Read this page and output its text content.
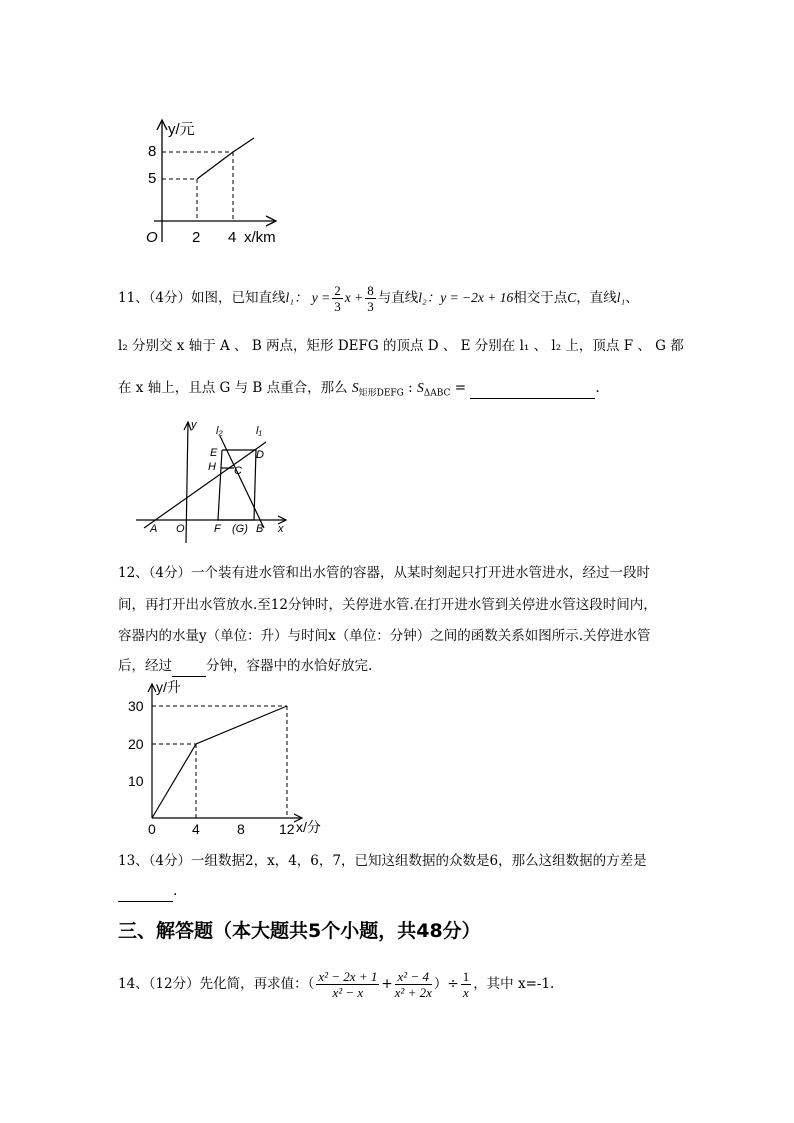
y/元
8
5
O 2 4 x/km
11、（4分）如图，已知直线l₁： $y = \frac{2}{3}$ $x + \frac{8}{3}$ 与直线l₂：y = −2x + 16相交于点C，直线l₁、
l₂ 分别交 x 轴于 A 、 B 两点，矩形 DEFG 的顶点 D 、 E 分别在 l₁ 、 l₂ 上，顶点 F 、 G 都
在 x 轴上，且点 G 与 B 点重合，那么 $S_{矩形DEFG}$ : $S_{\Delta ABC}$ =	.
y l₂	l₁
E	D
H C
A O	F (G) B x
12、（4分）一个装有进水管和出水管的容器，从某时刻起只打开进水管进水，经过一段时
间，再打开出水管放水.至12分钟时，关停进水管.在打开进水管到关停进水管这段时间内，
容器内的水量y（单位：升）与时间x（单位：分钟）之间的函数关系如图所示.关停进水管
后，经过	分钟，容器中的水恰好放完.
y/升
30
20
10
0	4	8 12 x/分
13、（4分）一组数据2，x，4，6，7，已知这组数据的众数是6，那么这组数据的方差是
.
三、解答题（本大题共5个小题，共48分）
14、（12分）先化简，再求值：（ $\frac{\text{x² − 2x + 1}}{\text{x² − x}} + \frac{\text{x² − 4}}{\text{x² + 2x}}$ ）÷ $\frac{1}{x}$ ，其中 x=-1.
